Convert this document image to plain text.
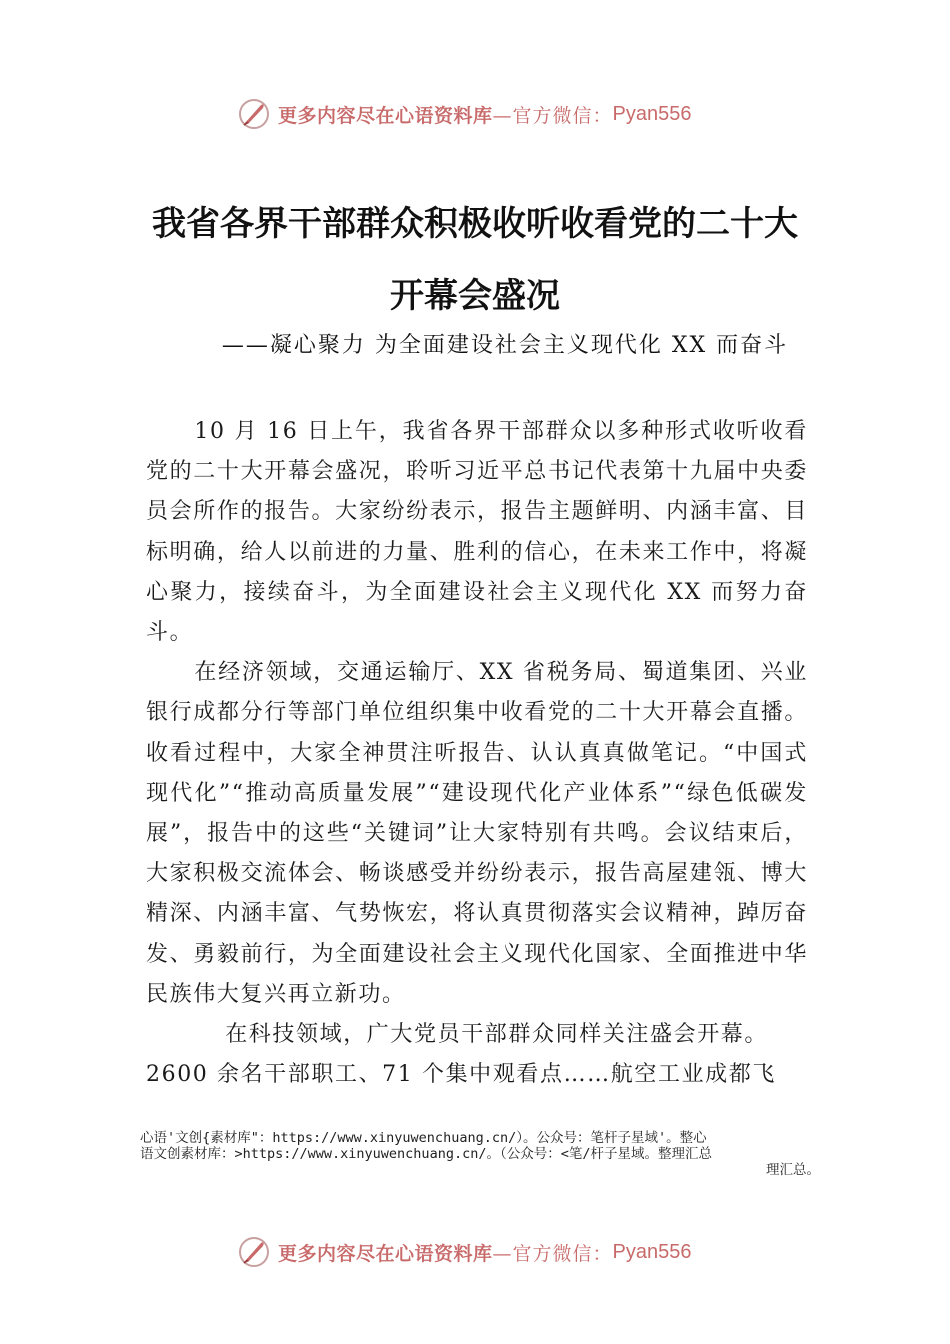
更多内容尽在心语资料库 —官方微信： Pyan556
我省各界干部群众积极收听收看党的二十大开幕会盛况
——凝心聚力 为全面建设社会主义现代化 XX 而奋斗

10 月 16 日上午，我省各界干部群众以多种形式收听收看党的二十大开幕会盛况，聆听习近平总书记代表第十九届中央委员会所作的报告。大家纷纷表示，报告主题鲜明、内涵丰富、目标明确，给人以前进的力量、胜利的信心，在未来工作中，将凝心聚力，接续奋斗，为全面建设社会主义现代化 XX 而努力奋斗。

在经济领域，交通运输厅、XX 省税务局、蜀道集团、兴业银行成都分行等部门单位组织集中收看党的二十大开幕会直播。收看过程中，大家全神贯注听报告、认认真真做笔记。“中国式现代化”“推动高质量发展”“建设现代化产业体系”“绿色低碳发展”，报告中的这些“关键词”让大家特别有共鸣。会议结束后，大家积极交流体会、畅谈感受并纷纷表示，报告高屋建瓴、博大精深、内涵丰富、气势恢宏，将认真贯彻落实会议精神，踔厉奋发、勇毅前行，为全面建设社会主义现代化国家、全面推进中华民族伟大复兴再立新功。

在科技领域，广大党员干部群众同样关注盛会开幕。

2600 余名干部职工、71 个集中观看点……航空工业成都飞

心语'文创{素材库"：https://www.xinyuwenchuang.cn/）。公众号：笔杆子星域'。整心
语文创素材库：>https://www.xinyuwenchuang.cn/。（公众号：<笔/杆子星域。整理汇总
理汇总。
更多内容尽在心语资料库 —官方微信： Pyan556
